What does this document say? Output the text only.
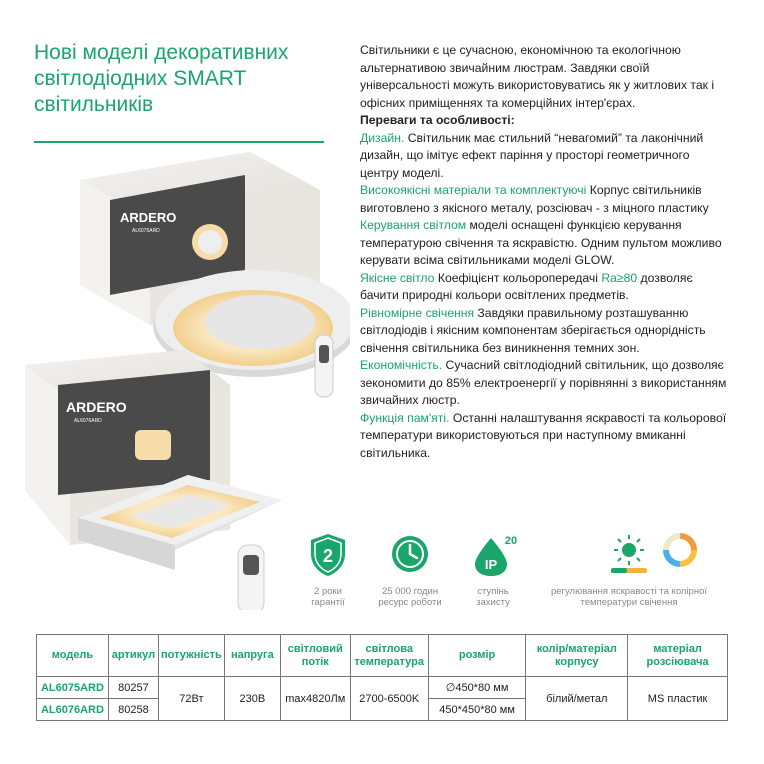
Нові моделі декоративних світлодіодних SMART світильників
ARDERO
AL6075ARD
ARDERO
AL6076ARD

Світильники є це сучасною, економічною та екологічною альтернативою звичайним люстрам. Завдяки своїй універсальності можуть використовуватись як у житлових так і офісних приміщеннях та комерційних інтер'єрах.

Переваги та особливості:

Дизайн. Світильник має стильний “невагомий” та лаконічний дизайн, що імітує ефект паріння у просторі геометричного центру моделі.

Високоякісні матеріали та комплектуючі Корпус світильників виготовлено з якісного металу, розсіювач - з міцного пластику

Керування світлом моделі оснащені функцією керування температурою свічення та яскравістю. Одним пультом можливо керувати всіма світильниками моделі GLOW.

Якісне світло Коефіцієнт кольоропередачі Ra≥80 дозволяє бачити природні кольори освітлених предметів.

Рівномірне свічення Завдяки правильному розташуванню світлодіодів і якісним компонентам зберігається однорідність свічення світильника без виникнення темних зон.

Економічність. Сучасний світлодіодний світильник, що дозволяє зекономити до 85% електроенергії у порівнянні з використанням звичайних люстр.

Функція пам'яті. Останні налаштування яскравості та кольорової температури використовуються при наступному вмиканні світильника.

2
2 роки
гарантії
25 000 годин
ресурс роботи
IP
20
ступінь
захисту
регулювання яскравості та колірної
температури свічення
модель	артикул	потужність	напруга	світловий потік	світлова температура	розмір	колір/матеріал корпусу	матеріал розсіювача
AL6075ARD	80257	72Вт	230В	max4820Лм	2700-6500K	∅450*80 мм	білий/метал	MS пластик
AL6076ARD	80258					450*450*80 мм		
